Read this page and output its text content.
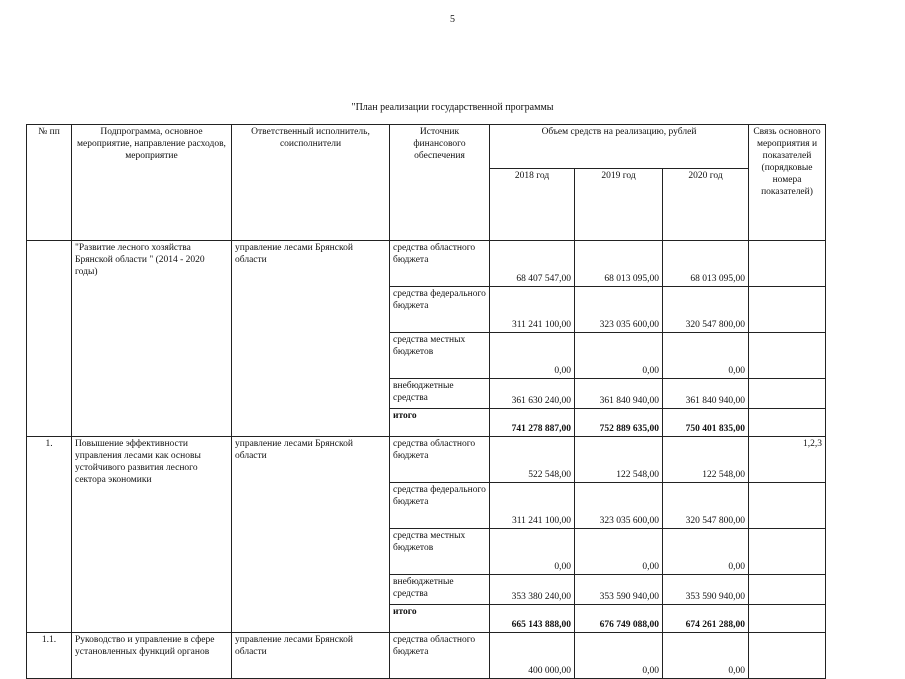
5
"План реализации государственной программы
№ пп	Подпрограмма, основное мероприятие, направление расходов, мероприятие	Ответственный исполнитель, соисполнители	Источник финансового обеспечения	Объем средств на реализацию, рублей			Связь основного мероприятия и показателей (порядковые номера показателей)
				2018 год	2019 год	2020 год	
	"Развитие лесного хозяйства Брянской области " (2014 - 2020 годы)	управление лесами Брянской области	средства областного бюджета	68 407 547,00	68 013 095,00	68 013 095,00	
			средства федерального бюджета	311 241 100,00	323 035 600,00	320 547 800,00	
			средства местных бюджетов	0,00	0,00	0,00	
			внебюджетные средства	361 630 240,00	361 840 940,00	361 840 940,00	
			итого	741 278 887,00	752 889 635,00	750 401 835,00	
1.	Повышение эффективности управления лесами как основы устойчивого развития лесного сектора экономики	управление лесами Брянской области	средства областного бюджета	522 548,00	122 548,00	122 548,00	1,2,3
			средства федерального бюджета	311 241 100,00	323 035 600,00	320 547 800,00	
			средства местных бюджетов	0,00	0,00	0,00	
			внебюджетные средства	353 380 240,00	353 590 940,00	353 590 940,00	
			итого	665 143 888,00	676 749 088,00	674 261 288,00	
1.1.	Руководство и управление в сфере установленных функций органов	управление лесами Брянской области	средства областного бюджета	400 000,00	0,00	0,00	
